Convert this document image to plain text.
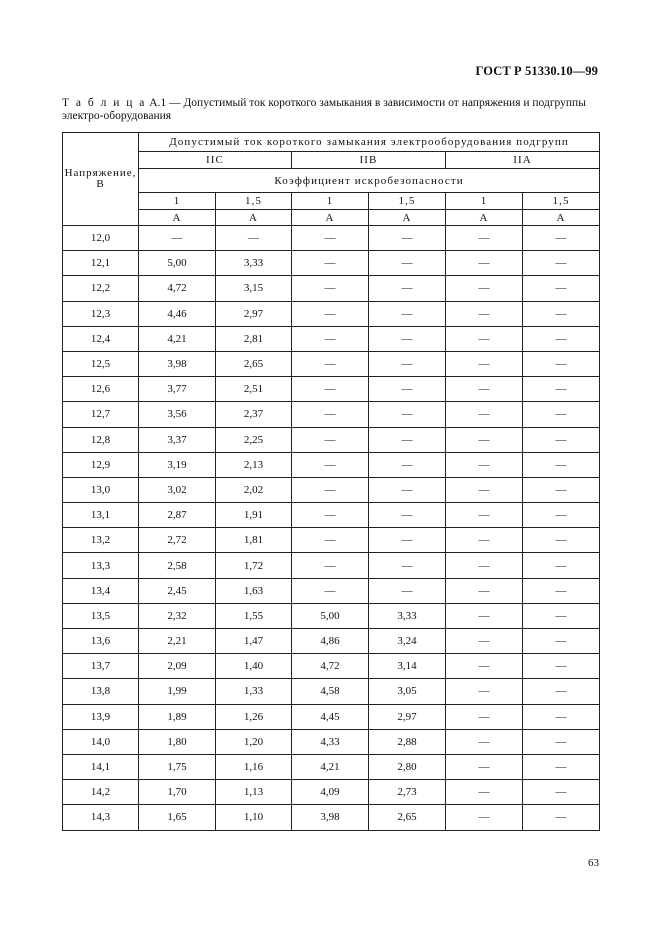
ГОСТ Р 51330.10—99
Т а б л и ц а А.1 — Допустимый ток короткого замыкания в зависимости от напряжения и подгруппы электро-оборудования
Напряжение,
В	Допустимый ток короткого замыкания электрооборудования подгрупп					
	IIC		IIB		IIA	
	Коэффициент искробезопасности					
	1	1,5	1	1,5	1	1,5
	А	А	А	А	А	А
12,0	—	—	—	—	—	—
12,1	5,00	3,33	—	—	—	—
12,2	4,72	3,15	—	—	—	—
12,3	4,46	2,97	—	—	—	—
12,4	4,21	2,81	—	—	—	—
12,5	3,98	2,65	—	—	—	—
12,6	3,77	2,51	—	—	—	—
12,7	3,56	2,37	—	—	—	—
12,8	3,37	2,25	—	—	—	—
12,9	3,19	2,13	—	—	—	—
13,0	3,02	2,02	—	—	—	—
13,1	2,87	1,91	—	—	—	—
13,2	2,72	1,81	—	—	—	—
13,3	2,58	1,72	—	—	—	—
13,4	2,45	1,63	—	—	—	—
13,5	2,32	1,55	5,00	3,33	—	—
13,6	2,21	1,47	4,86	3,24	—	—
13,7	2,09	1,40	4,72	3,14	—	—
13,8	1,99	1,33	4,58	3,05	—	—
13,9	1,89	1,26	4,45	2,97	—	—
14,0	1,80	1,20	4,33	2,88	—	—
14,1	1,75	1,16	4,21	2,80	—	—
14,2	1,70	1,13	4,09	2,73	—	—
14,3	1,65	1,10	3,98	2,65	—	—
63
